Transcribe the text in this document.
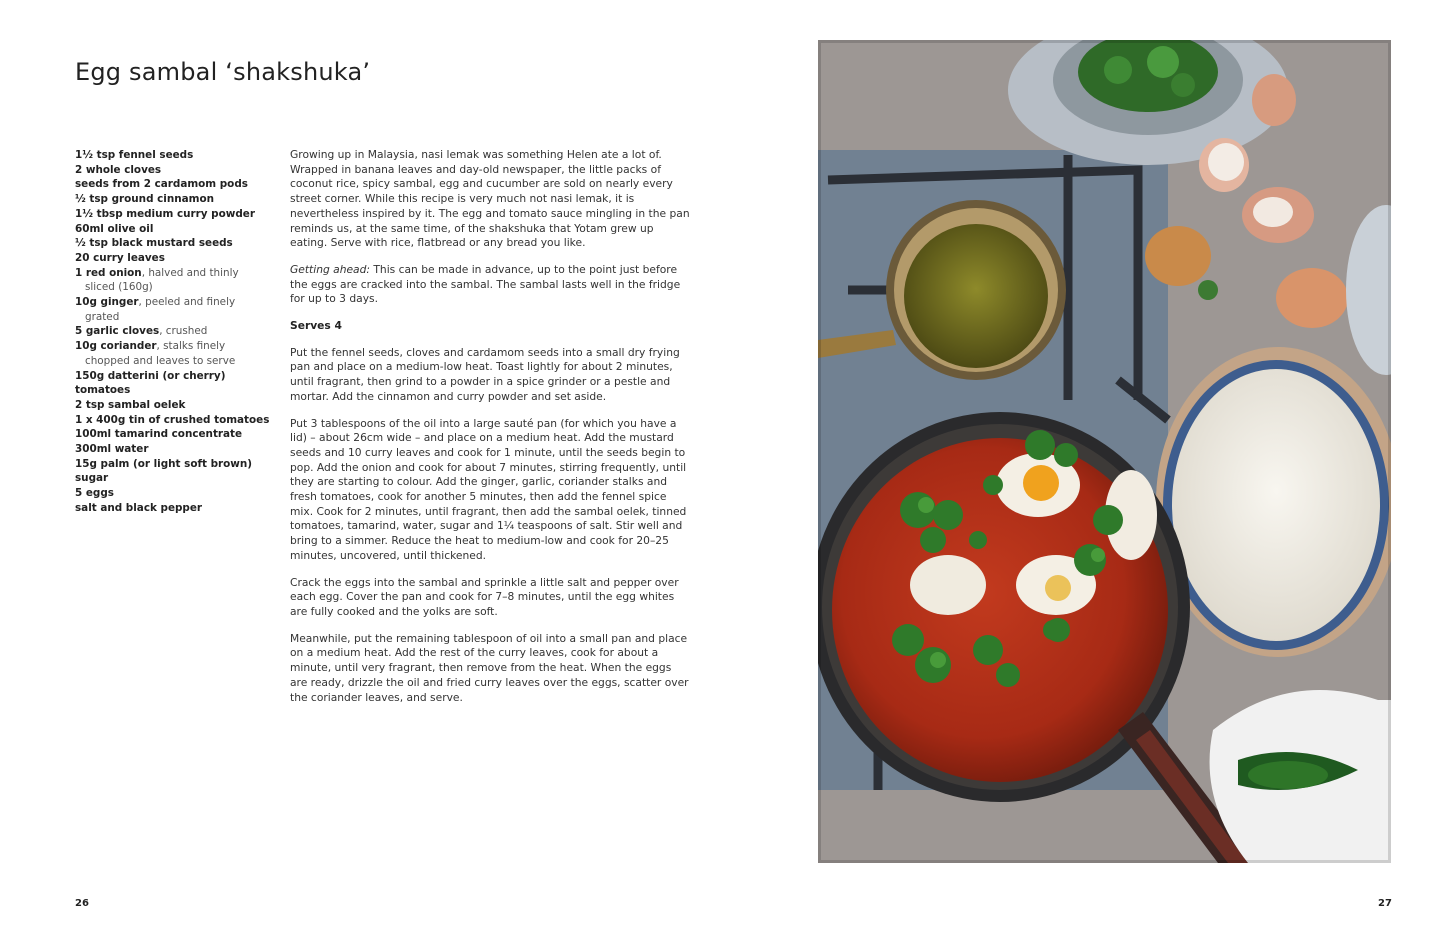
Egg sambal ‘shakshuka’
1½ tsp fennel seeds
2 whole cloves
seeds from 2 cardamom pods
½ tsp ground cinnamon
1½ tbsp medium curry powder
60ml olive oil
½ tsp black mustard seeds
20 curry leaves
1 red onion, halved and thinly
sliced (160g)
10g ginger, peeled and finely
grated
5 garlic cloves, crushed
10g coriander, stalks finely
chopped and leaves to serve
150g datterini (or cherry) tomatoes
2 tsp sambal oelek
1 x 400g tin of crushed tomatoes
100ml tamarind concentrate
300ml water
15g palm (or light soft brown) sugar
5 eggs
salt and black pepper

Growing up in Malaysia, nasi lemak was something Helen ate a lot of. Wrapped in banana leaves and day-old newspaper, the little packs of coconut rice, spicy sambal, egg and cucumber are sold on nearly every street corner. While this recipe is very much not nasi lemak, it is nevertheless inspired by it. The egg and tomato sauce mingling in the pan reminds us, at the same time, of the shakshuka that Yotam grew up eating. Serve with rice, flatbread or any bread you like.

Getting ahead: This can be made in advance, up to the point just before the eggs are cracked into the sambal. The sambal lasts well in the fridge for up to 3 days.

Serves 4

Put the fennel seeds, cloves and cardamom seeds into a small dry frying pan and place on a medium-low heat. Toast lightly for about 2 minutes, until fragrant, then grind to a powder in a spice grinder or a pestle and mortar. Add the cinnamon and curry powder and set aside.

Put 3 tablespoons of the oil into a large sauté pan (for which you have a lid) – about 26cm wide – and place on a medium heat. Add the mustard seeds and 10 curry leaves and cook for 1 minute, until the seeds begin to pop. Add the onion and cook for about 7 minutes, stirring frequently, until they are starting to colour. Add the ginger, garlic, coriander stalks and fresh tomatoes, cook for another 5 minutes, then add the fennel spice mix. Cook for 2 minutes, until fragrant, then add the sambal oelek, tinned tomatoes, tamarind, water, sugar and 1¼ teaspoons of salt. Stir well and bring to a simmer. Reduce the heat to medium-low and cook for 20–25 minutes, uncovered, until thickened.

Crack the eggs into the sambal and sprinkle a little salt and pepper over each egg. Cover the pan and cook for 7–8 minutes, until the egg whites are fully cooked and the yolks are soft.

Meanwhile, put the remaining tablespoon of oil into a small pan and place on a medium heat. Add the rest of the curry leaves, cook for about a minute, until very fragrant, then remove from the heat. When the eggs are ready, drizzle the oil and fried curry leaves over the eggs, scatter over the coriander leaves, and serve.

26	27
